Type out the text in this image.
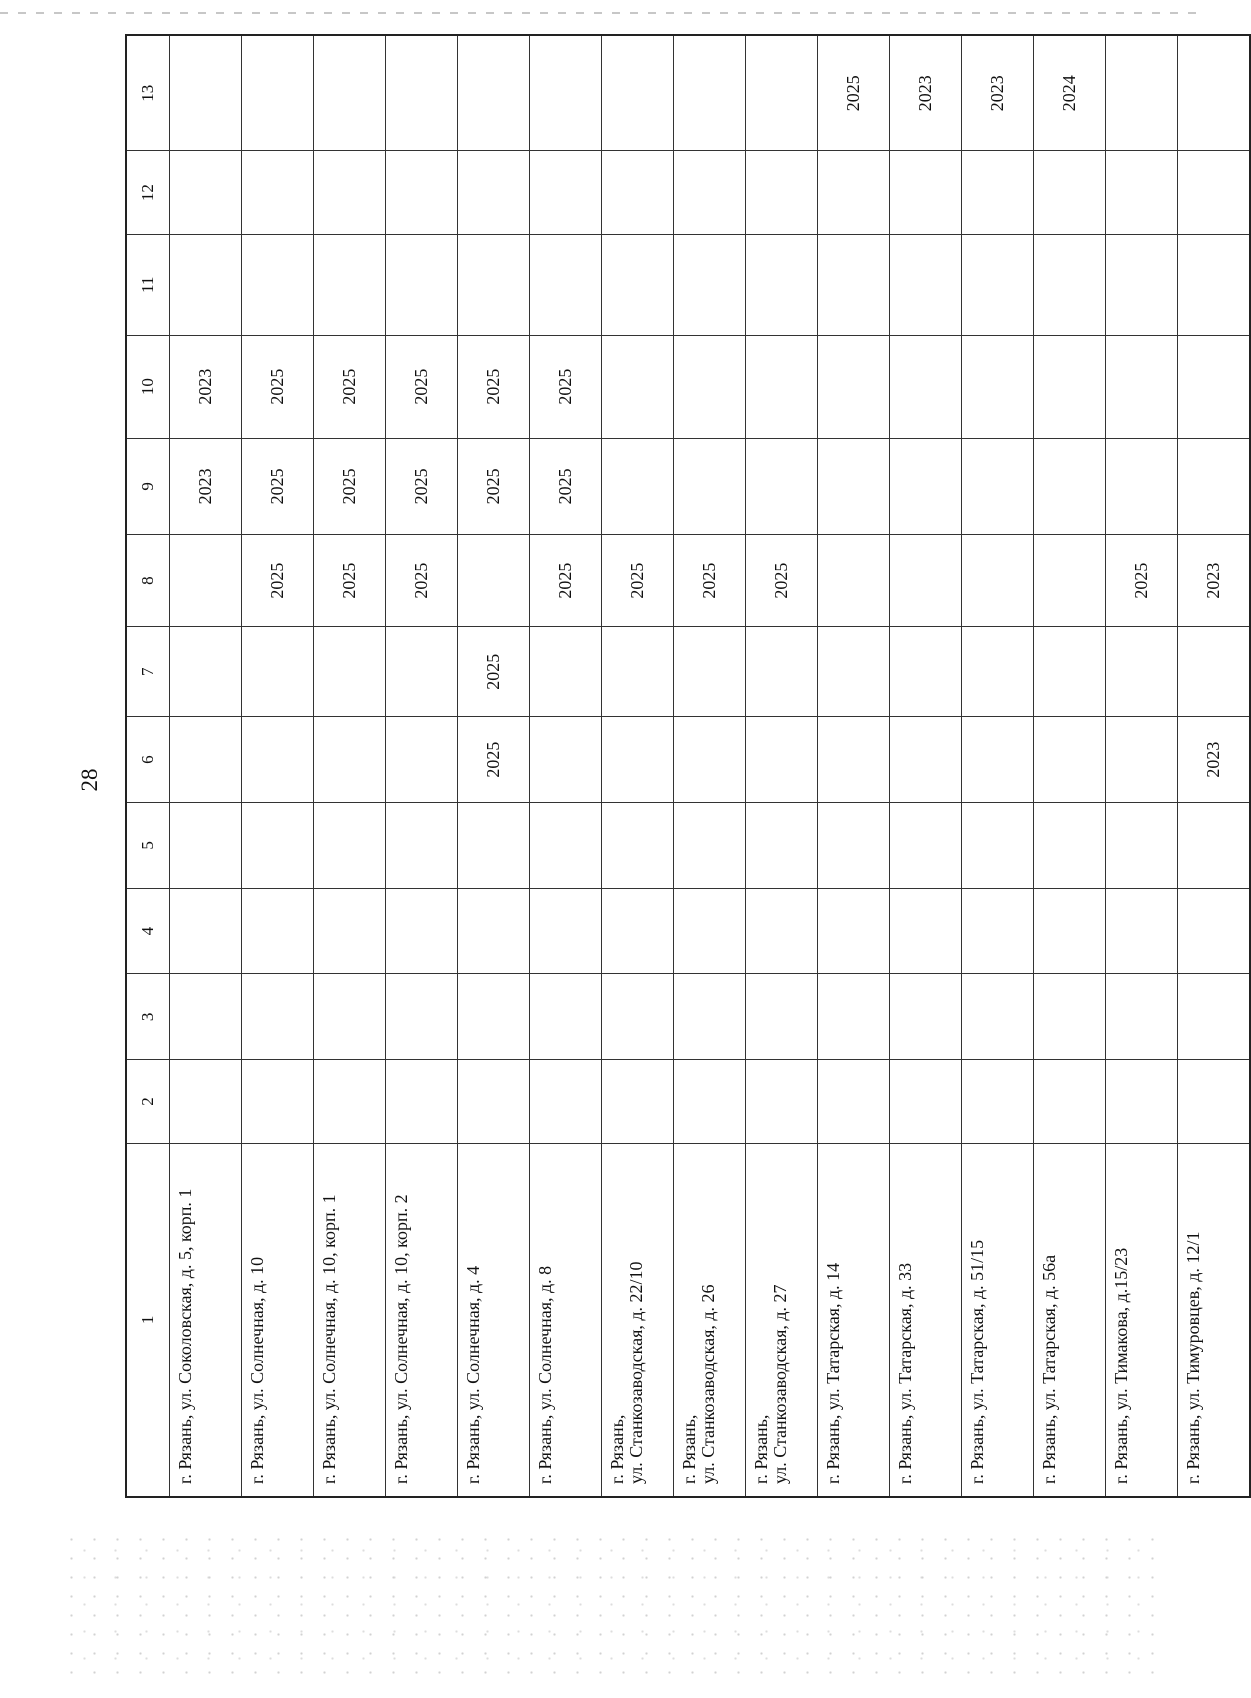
28
1	2	3	4	5	6	7	8	9	10	11	12	13
г. Рязань, ул. Соколовская, д. 5, корп. 1								2023	2023			
г. Рязань, ул. Солнечная, д. 10							2025	2025	2025			
г. Рязань, ул. Солнечная, д. 10, корп. 1							2025	2025	2025			
г. Рязань, ул. Солнечная, д. 10, корп. 2							2025	2025	2025			
г. Рязань, ул. Солнечная, д. 4					2025	2025		2025	2025			
г. Рязань, ул. Солнечная, д. 8							2025	2025	2025			
г. Рязань,
ул. Станкозаводская, д. 22/10							2025					
г. Рязань,
ул. Станкозаводская, д. 26							2025					
г. Рязань,
ул. Станкозаводская, д. 27							2025					
г. Рязань, ул. Татарская, д. 14												2025
г. Рязань, ул. Татарская, д. 33												2023
г. Рязань, ул. Татарская, д. 51/15												2023
г. Рязань, ул. Татарская, д. 56а												2024
г. Рязань, ул. Тимакова, д.15/23							2025					
г. Рязань, ул. Тимуровцев, д. 12/1					2023		2023					
